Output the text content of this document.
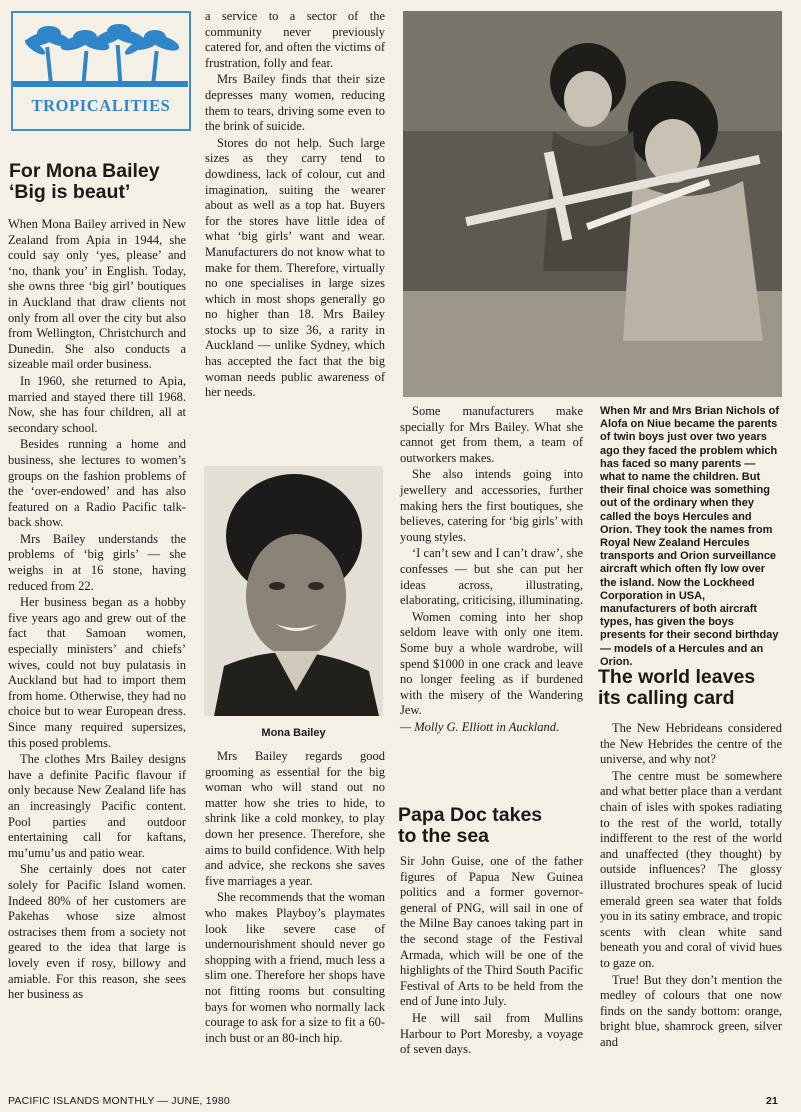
TROPICALITIES

For Mona Bailey

‘Big is beaut’

When Mona Bailey arrived in New Zealand from Apia in 1944, she could say only ‘yes, please’ and ‘no, thank you’ in English. Today, she owns three ‘big girl’ boutiques in Auckland that draw clients not only from all over the city but also from Wellington, Christchurch and Dunedin. She also conducts a sizeable mail order business.

In 1960, she returned to Apia, married and stayed there till 1968. Now, she has four children, all at secondary school.

Besides running a home and business, she lectures to women’s groups on the fashion problems of the ‘over-endowed’ and has also featured on a Radio Pacific talk-back show.

Mrs Bailey understands the problems of ‘big girls’ — she weighs in at 16 stone, having reduced from 22.

Her business began as a hobby five years ago and grew out of the fact that Samoan women, especially ministers’ and chiefs’ wives, could not buy pulatasis in Auckland but had to import them from home. Otherwise, they had no choice but to wear European dress. Since many required supersizes, this posed problems.

The clothes Mrs Bailey designs have a definite Pacific flavour if only because New Zealand life has an increasingly Pacific content. Pool parties and outdoor entertaining call for kaftans, mu’umu’us and patio wear.

She certainly does not cater solely for Pacific Island women. Indeed 80% of her customers are Pakehas whose size almost ostracises them from a society not geared to the idea that large is lovely even if rosy, billowy and amiable. For this reason, she sees her business as

a service to a sector of the community never previously catered for, and often the victims of frustration, folly and fear.

Mrs Bailey finds that their size depresses many women, reducing them to tears, driving some even to the brink of suicide.

Stores do not help. Such large sizes as they carry tend to dowdiness, lack of colour, cut and imagination, suiting the wearer about as well as a top hat. Buyers for the stores have little idea of what ‘big girls’ want and wear. Manufacturers do not know what to make for them. Therefore, virtually no one specialises in large sizes which in most shops generally go no higher than 18. Mrs Bailey stocks up to size 36, a rarity in Auckland — unlike Sydney, which has accepted the fact that the big woman needs public awareness of her needs.

Mona Bailey

Mrs Bailey regards good grooming as essential for the big woman who will stand out no matter how she tries to hide, to shrink like a cold monkey, to play down her presence. Therefore, she aims to build confidence. With help and advice, she reckons she saves five marriages a year.

She recommends that the woman who makes Playboy’s playmates look like severe case of undernourishment should never go shopping with a friend, much less a slim one. Therefore her shops have not fitting rooms but consulting bays for women who normally lack courage to ask for a size to fit a 60-inch bust or an 80-inch hip.

Some manufacturers make specially for Mrs Bailey. What she cannot get from them, a team of outworkers makes.

She also intends going into jewellery and accessories, further making hers the first boutiques, she believes, catering for ‘big girls’ with young styles.

‘I can’t sew and I can’t draw’, she confesses — but she can put her ideas across, illustrating, elaborating, criticising, illuminating.

Women coming into her shop seldom leave with only one item. Some buy a whole wardrobe, will spend $1000 in one crack and leave no longer feeling as if burdened with the misery of the Wandering Jew.

— Molly G. Elliott in Auckland.

Papa Doc takes

to the sea

Sir John Guise, one of the father figures of Papua New Guinea politics and a former governor-general of PNG, will sail in one of the Milne Bay canoes taking part in the second stage of the Festival Armada, which will be one of the highlights of the Third South Pacific Festival of Arts to be held from the end of June into July.

He will sail from Mullins Harbour to Port Moresby, a voyage of seven days.

When Mr and Mrs Brian Nichols of Alofa on Niue became the parents of twin boys just over two years ago they faced the problem which has faced so many parents — what to name the children. But their final choice was something out of the ordinary when they called the boys Hercules and Orion. They took the names from Royal New Zealand Hercules transports and Orion surveillance aircraft which often fly low over the island. Now the Lockheed Corporation in USA, manufacturers of both aircraft types, has given the boys presents for their second birthday — models of a Hercules and an Orion.

The world leaves

its calling card

The New Hebrideans considered the New Hebrides the centre of the universe, and why not?

The centre must be somewhere and what better place than a verdant chain of isles with spokes radiating to the rest of the world, totally indifferent to the rest of the world and unaffected (they thought) by outside influences? The glossy illustrated brochures speak of lucid emerald green sea water that folds you in its satiny embrace, and tropic scents with clean white sand beneath you and coral of vivid hues to gaze on.

True! But they don’t mention the medley of colours that one now finds on the sandy bottom: orange, bright blue, shamrock green, silver and

PACIFIC ISLANDS MONTHLY — JUNE, 1980	21
